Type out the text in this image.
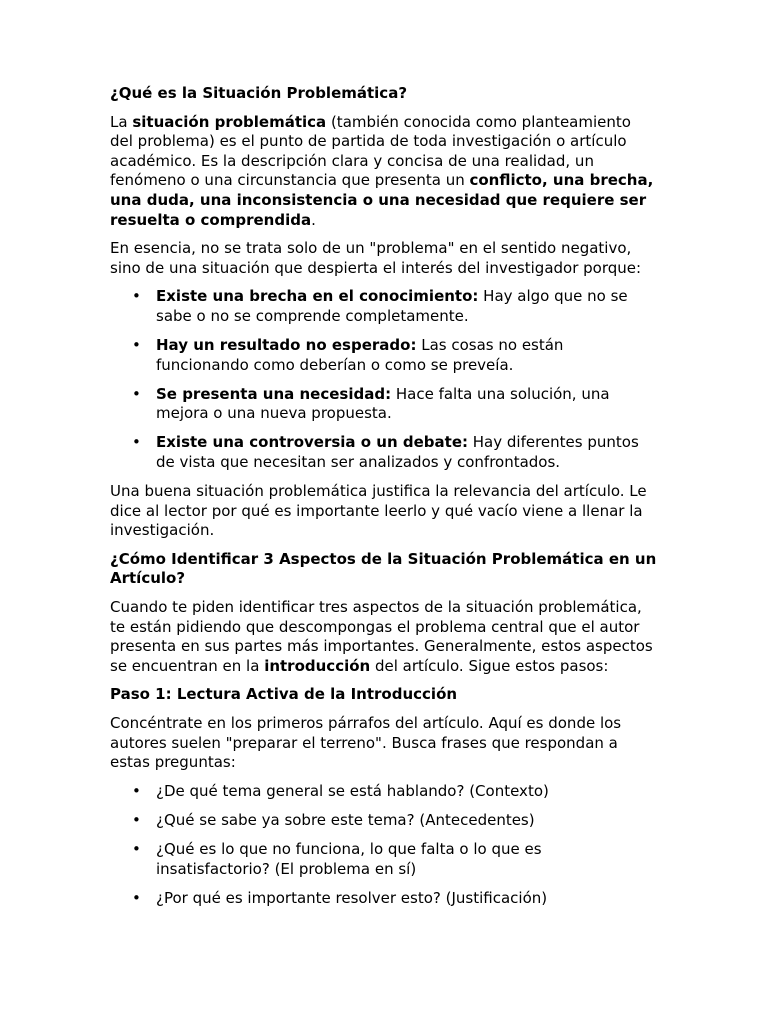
¿Qué es la Situación Problemática?

La situación problemática (también conocida como planteamiento del problema) es el punto de partida de toda investigación o artículo académico. Es la descripción clara y concisa de una realidad, un fenómeno o una circunstancia que presenta un conflicto, una brecha, una duda, una inconsistencia o una necesidad que requiere ser resuelta o comprendida.

En esencia, no se trata solo de un "problema" en el sentido negativo, sino de una situación que despierta el interés del investigador porque:

• Existe una brecha en el conocimiento: Hay algo que no se sabe o no se comprende completamente.
• Hay un resultado no esperado: Las cosas no están funcionando como deberían o como se preveía.
• Se presenta una necesidad: Hace falta una solución, una mejora o una nueva propuesta.
• Existe una controversia o un debate: Hay diferentes puntos de vista que necesitan ser analizados y confrontados.

Una buena situación problemática justifica la relevancia del artículo. Le dice al lector por qué es importante leerlo y qué vacío viene a llenar la investigación.

¿Cómo Identificar 3 Aspectos de la Situación Problemática en un Artículo?

Cuando te piden identificar tres aspectos de la situación problemática, te están pidiendo que descompongas el problema central que el autor presenta en sus partes más importantes. Generalmente, estos aspectos se encuentran en la introducción del artículo. Sigue estos pasos:

Paso 1: Lectura Activa de la Introducción

Concéntrate en los primeros párrafos del artículo. Aquí es donde los autores suelen "preparar el terreno". Busca frases que respondan a estas preguntas:

• ¿De qué tema general se está hablando? (Contexto)
• ¿Qué se sabe ya sobre este tema? (Antecedentes)
• ¿Qué es lo que no funciona, lo que falta o lo que es insatisfactorio? (El problema en sí)
• ¿Por qué es importante resolver esto? (Justificación)
